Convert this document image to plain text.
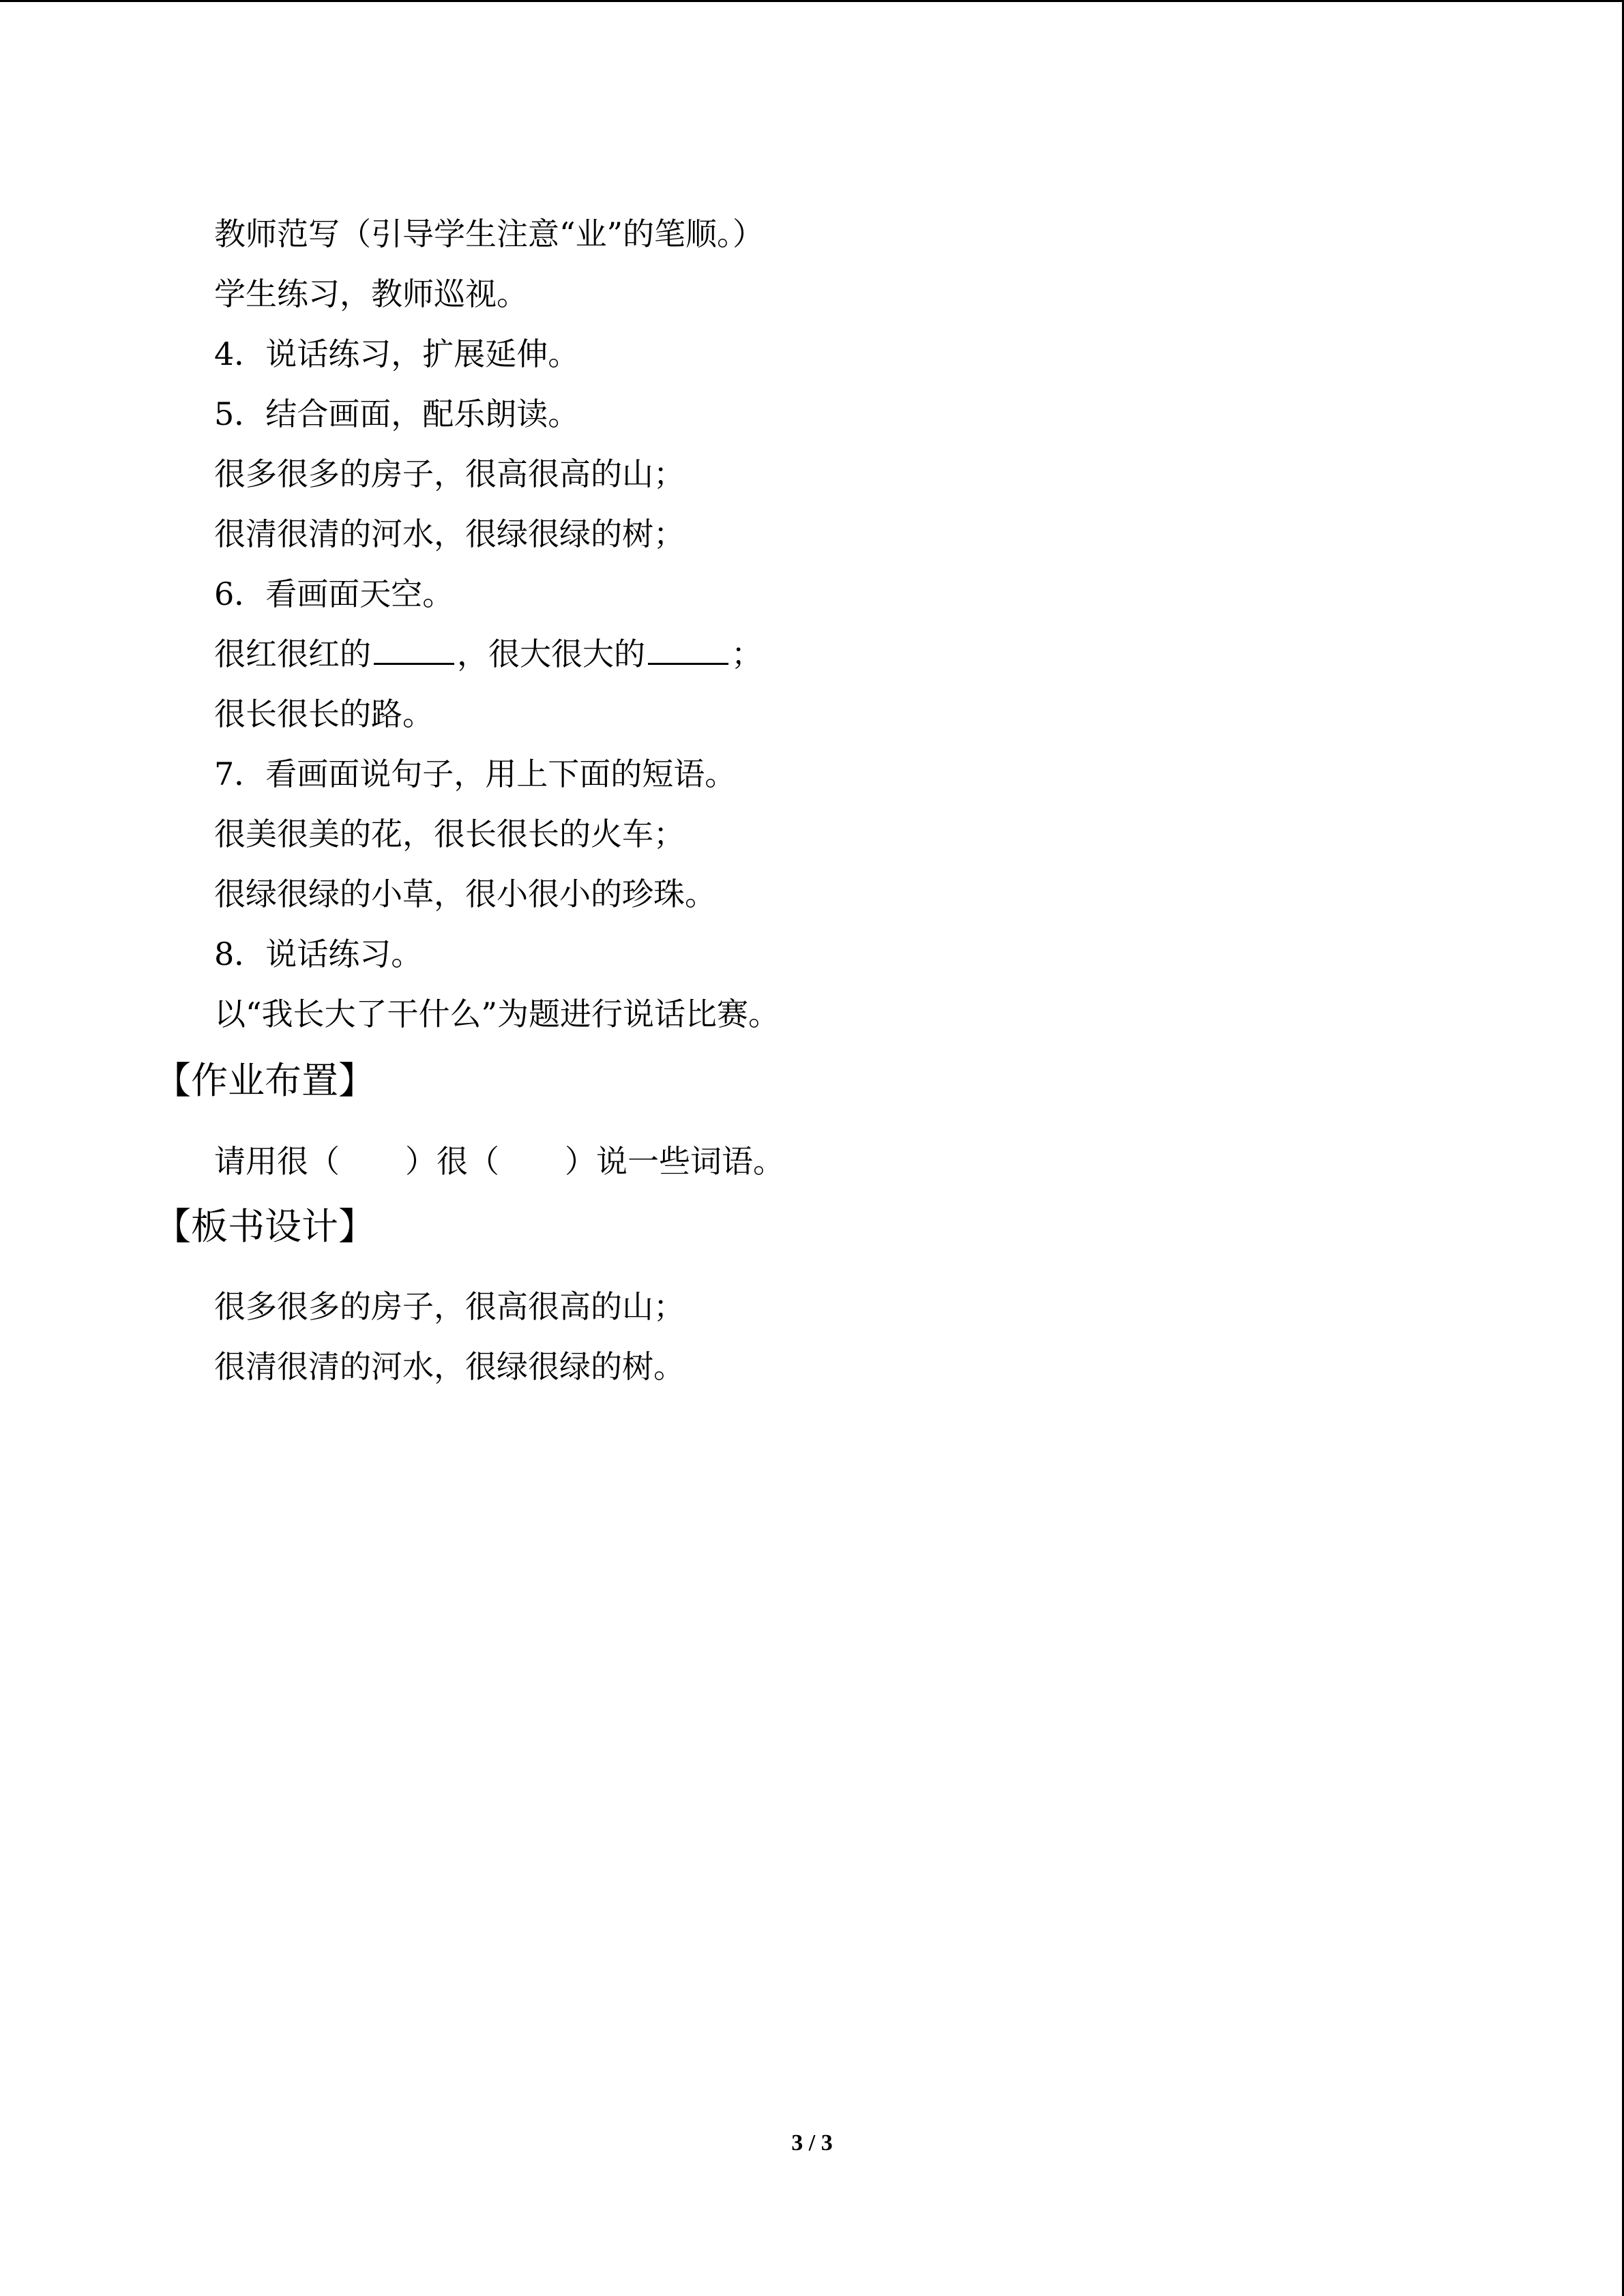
教师范写（引导学生注意“业”的笔顺。）
学生练习，教师巡视。
4．说话练习，扩展延伸。
5．结合画面，配乐朗读。
很多很多的房子，很高很高的山；
很清很清的河水，很绿很绿的树；
6．看画面天空。
很红很红的	，很大很大的	；
很长很长的路。
7．看画面说句子，用上下面的短语。
很美很美的花，很长很长的火车；
很绿很绿的小草，很小很小的珍珠。
8．说话练习。
以“我长大了干什么”为题进行说话比赛。
【作业布置】
请用很（ ）很（ ）说一些词语。
【板书设计】
很多很多的房子，很高很高的山；
很清很清的河水，很绿很绿的树。
3 / 3
